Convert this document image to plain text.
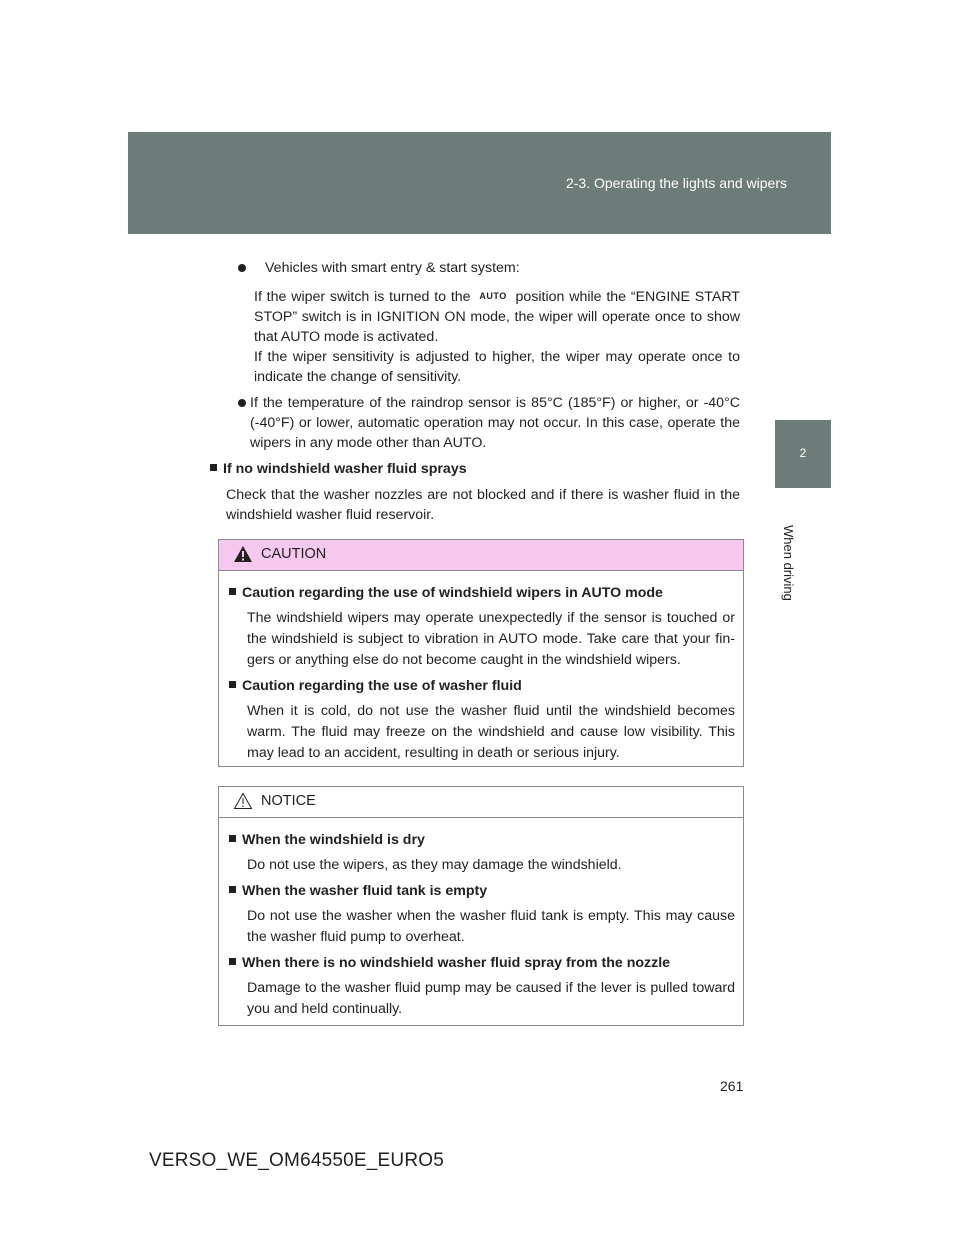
2-3. Operating the lights and wipers
2
When driving
Vehicles with smart entry & start system:
If the wiper switch is turned to the AUTO position while the “ENGINE START STOP” switch is in IGNITION ON mode, the wiper will operate once to show that AUTO mode is activated.
If the wiper sensitivity is adjusted to higher, the wiper may operate once to indicate the change of sensitivity.
If the temperature of the raindrop sensor is 85°C (185°F) or higher, or -40°C (-40°F) or lower, automatic operation may not occur. In this case, operate the wipers in any mode other than AUTO.

If no windshield washer fluid sprays

Check that the washer nozzles are not blocked and if there is washer fluid in the windshield washer fluid reservoir.

CAUTION
Caution regarding the use of windshield wipers in AUTO mode
The windshield wipers may operate unexpectedly if the sensor is touched or the windshield is subject to vibration in AUTO mode. Take care that your fin-gers or anything else do not become caught in the windshield wipers.
Caution regarding the use of washer fluid
When it is cold, do not use the washer fluid until the windshield becomes warm. The fluid may freeze on the windshield and cause low visibility. This may lead to an accident, resulting in death or serious injury.
NOTICE
When the windshield is dry
Do not use the wipers, as they may damage the windshield.
When the washer fluid tank is empty
Do not use the washer when the washer fluid tank is empty. This may cause the washer fluid pump to overheat.
When there is no windshield washer fluid spray from the nozzle
Damage to the washer fluid pump may be caused if the lever is pulled toward you and held continually.
261
VERSO_WE_OM64550E_EURO5
